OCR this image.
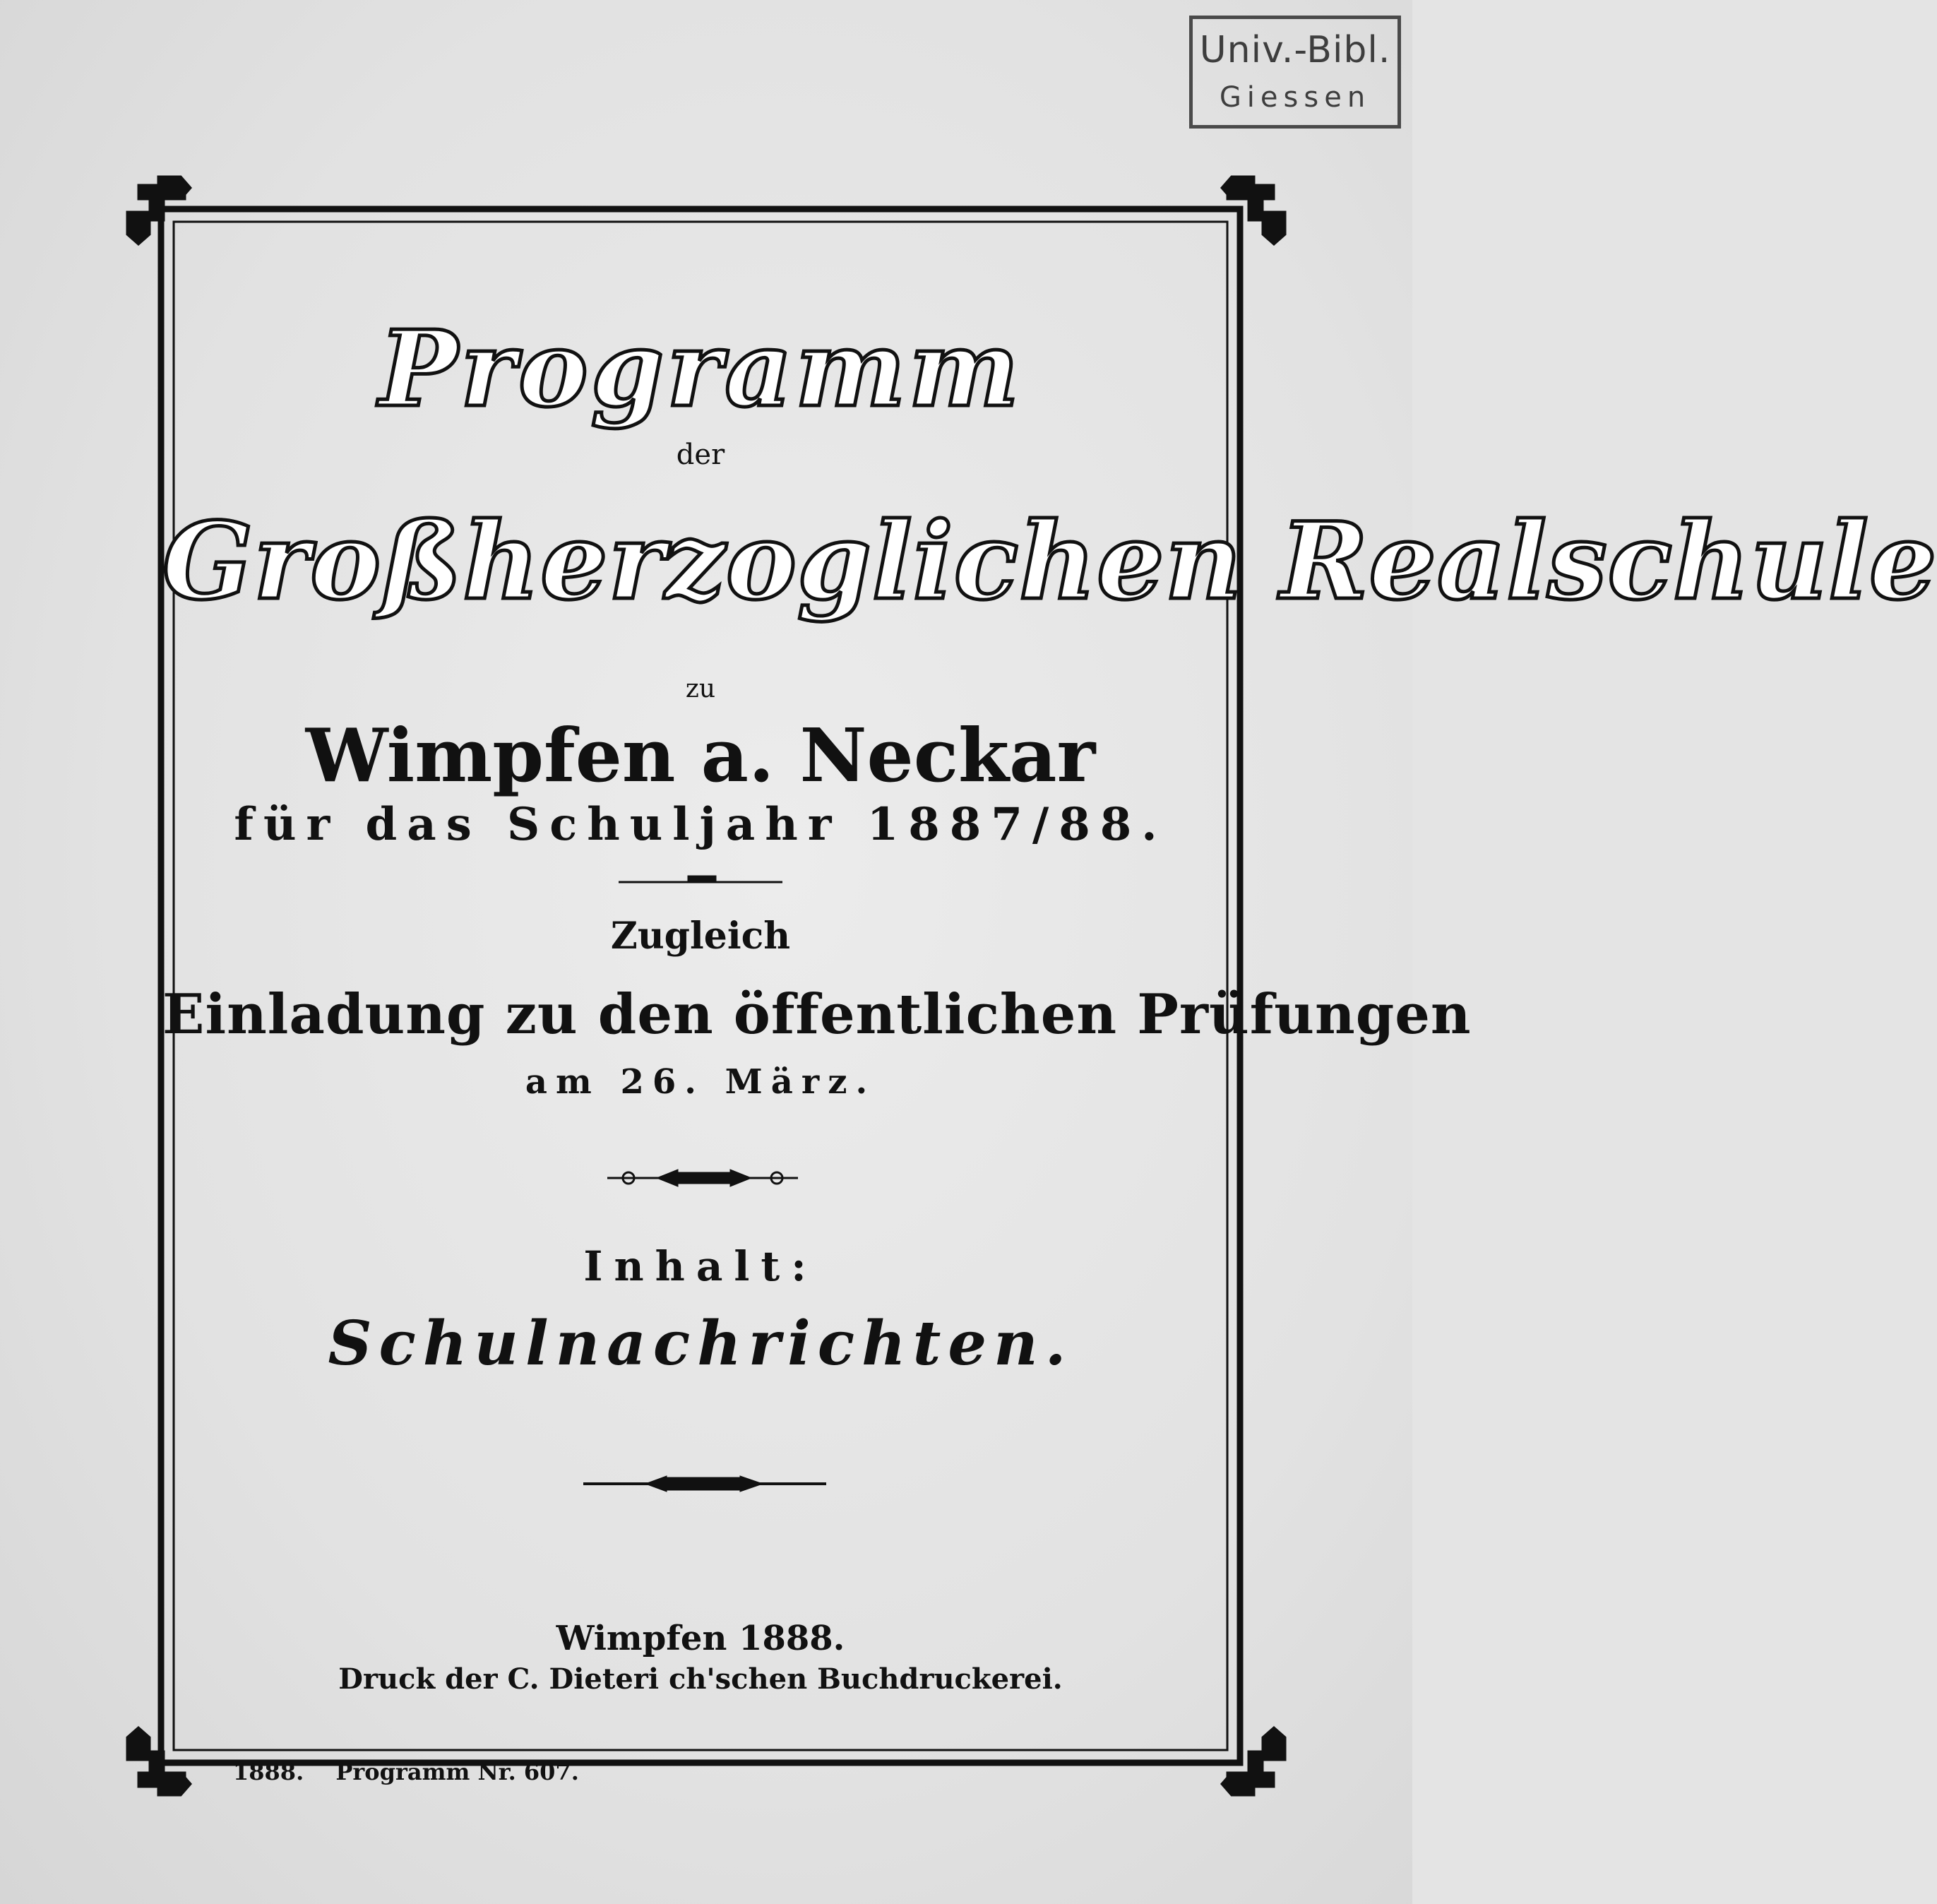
Univ.-Bibl.
Giessen
Programm
der
Großherzoglichen Realschule
zu
Wimpfen a. Neckar
für das Schuljahr 1887/88.
Zugleich
Einladung zu den öffentlichen Prüfungen
am 26. März.
Inhalt:
Schulnachrichten.
Wimpfen 1888.
Druck der C. Dieteri ch'schen Buchdruckerei.
1888. Programm Nr. 607.
